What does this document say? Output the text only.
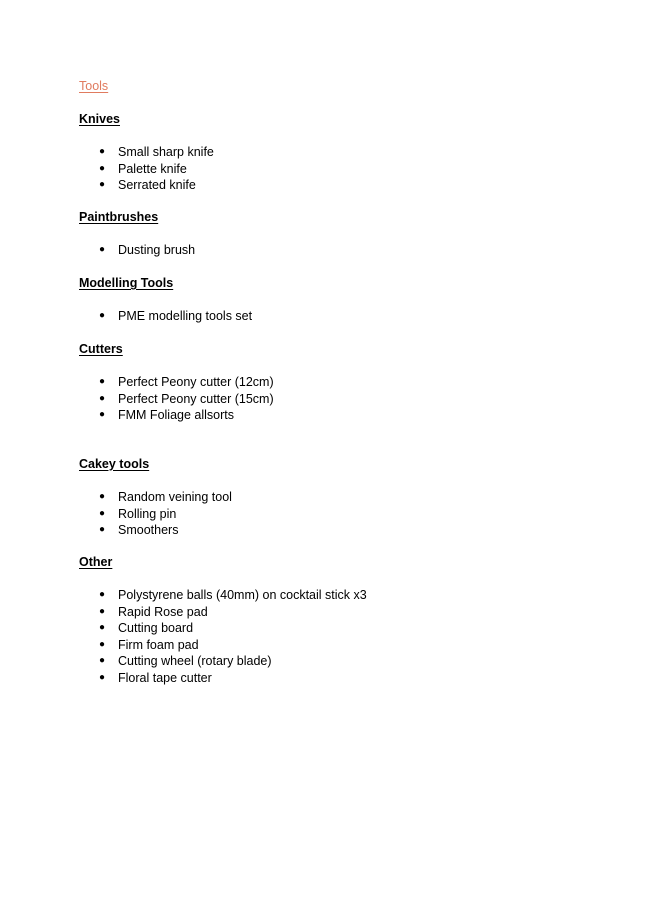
Tools
Knives
● Small sharp knife
● Palette knife
● Serrated knife
Paintbrushes
● Dusting brush
Modelling Tools
● PME modelling tools set
Cutters
● Perfect Peony cutter (12cm)
● Perfect Peony cutter (15cm)
● FMM Foliage allsorts
Cakey tools
● Random veining tool
● Rolling pin
● Smoothers
Other
● Polystyrene balls (40mm) on cocktail stick x3
● Rapid Rose pad
● Cutting board
● Firm foam pad
● Cutting wheel (rotary blade)
● Floral tape cutter
